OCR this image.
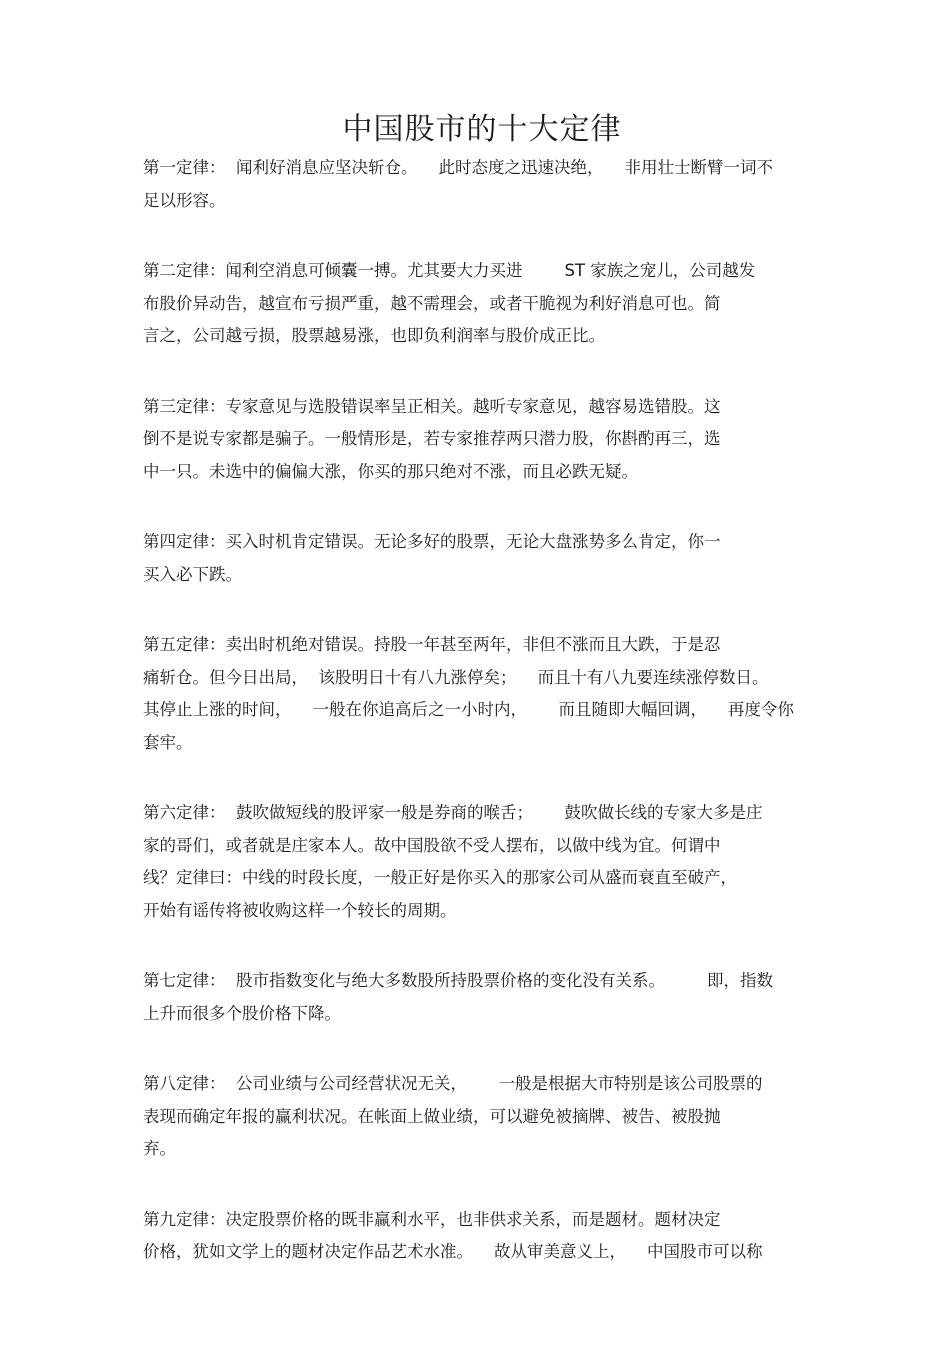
中国股市的十大定律
第一定律：  闻利好消息应坚决斩仓。    此时态度之迅速决绝，    非用壮士断臂一词不
足以形容。
第二定律：闻利空消息可倾囊一搏。尤其要大力买进        ST 家族之宠儿，公司越发
布股价异动告，越宣布亏损严重，越不需理会，或者干脆视为利好消息可也。简
言之，公司越亏损，股票越易涨，也即负利润率与股价成正比。
第三定律：专家意见与选股错误率呈正相关。越听专家意见，越容易选错股。这
倒不是说专家都是骗子。一般情形是，若专家推荐两只潜力股，你斟酌再三，选
中一只。未选中的偏偏大涨，你买的那只绝对不涨，而且必跌无疑。
第四定律：买入时机肯定错误。无论多好的股票，无论大盘涨势多么肯定，你一
买入必下跌。
第五定律：卖出时机绝对错误。持股一年甚至两年，非但不涨而且大跌，于是忍
痛斩仓。但今日出局，  该股明日十有八九涨停矣；    而且十有八九要连续涨停数日。
其停止上涨的时间，    一般在你追高后之一小时内，      而且随即大幅回调，    再度令你
套牢。
第六定律：  鼓吹做短线的股评家一般是券商的喉舌；      鼓吹做长线的专家大多是庄
家的哥们，或者就是庄家本人。故中国股欲不受人摆布，以做中线为宜。何谓中
线？定律曰：中线的时段长度，一般正好是你买入的那家公司从盛而衰直至破产，
开始有谣传将被收购这样一个较长的周期。
第七定律：  股市指数变化与绝大多数股所持股票价格的变化没有关系。        即，指数
上升而很多个股价格下降。
第八定律：  公司业绩与公司经营状况无关，      一般是根据大市特别是该公司股票的
表现而确定年报的赢利状况。在帐面上做业绩，可以避免被摘牌、被告、被股抛
弃。
第九定律：决定股票价格的既非赢利水平，也非供求关系，而是题材。题材决定
价格，犹如文学上的题材决定作品艺术水准。    故从审美意义上，    中国股市可以称
